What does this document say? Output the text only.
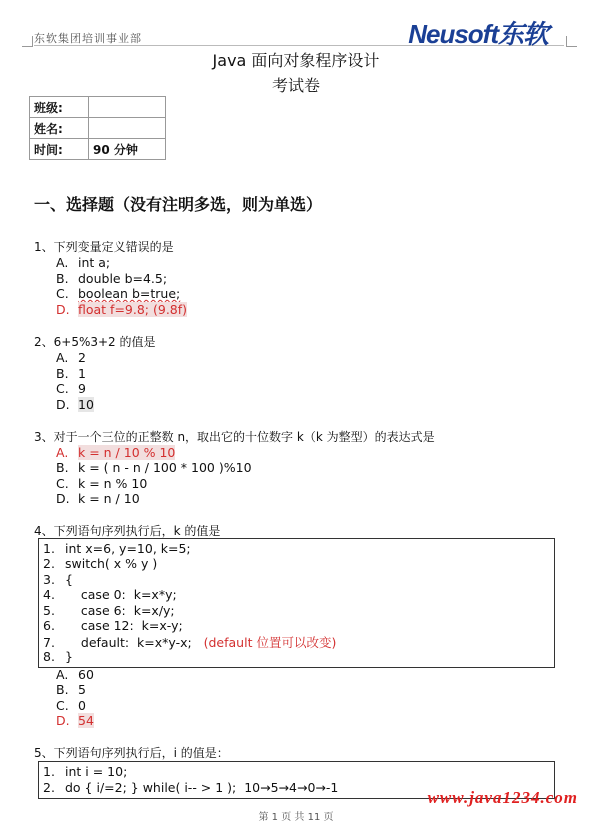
东软集团培训事业部	Neusoft东软
Java 面向对象程序设计
考试卷
班级:	
姓名:	
时间:	90 分钟
一、选择题（没有注明多选，则为单选）
1、下列变量定义错误的是
A. int a;
B. double b=4.5;
C. boolean b=true;
D. float f=9.8; (9.8f)
2、6+5%3+2 的值是
A. 2
B. 1
C. 9
D. 10
3、对于一个三位的正整数 n，取出它的十位数字 k（k 为整型）的表达式是
A. k = n / 10 % 10
B. k = ( n - n / 100 * 100 )%10
C. k = n % 10
D. k = n / 10
4、下列语句序列执行后，k 的值是
1. int x=6, y=10, k=5;
2. switch( x % y )
3. {
4.    case 0:  k=x*y;
5.    case 6:  k=x/y;
6.    case 12:  k=x-y;
7.    default:  k=x*y-x; (default 位置可以改变)
8. }
A. 60
B. 5
C. 0
D. 54
5、下列语句序列执行后，i 的值是：
1. int i = 10;
2. do { i/=2; } while( i-- > 1 ); 10→5→4→0→-1
www.java1234.com
第 1 页 共 11 页
